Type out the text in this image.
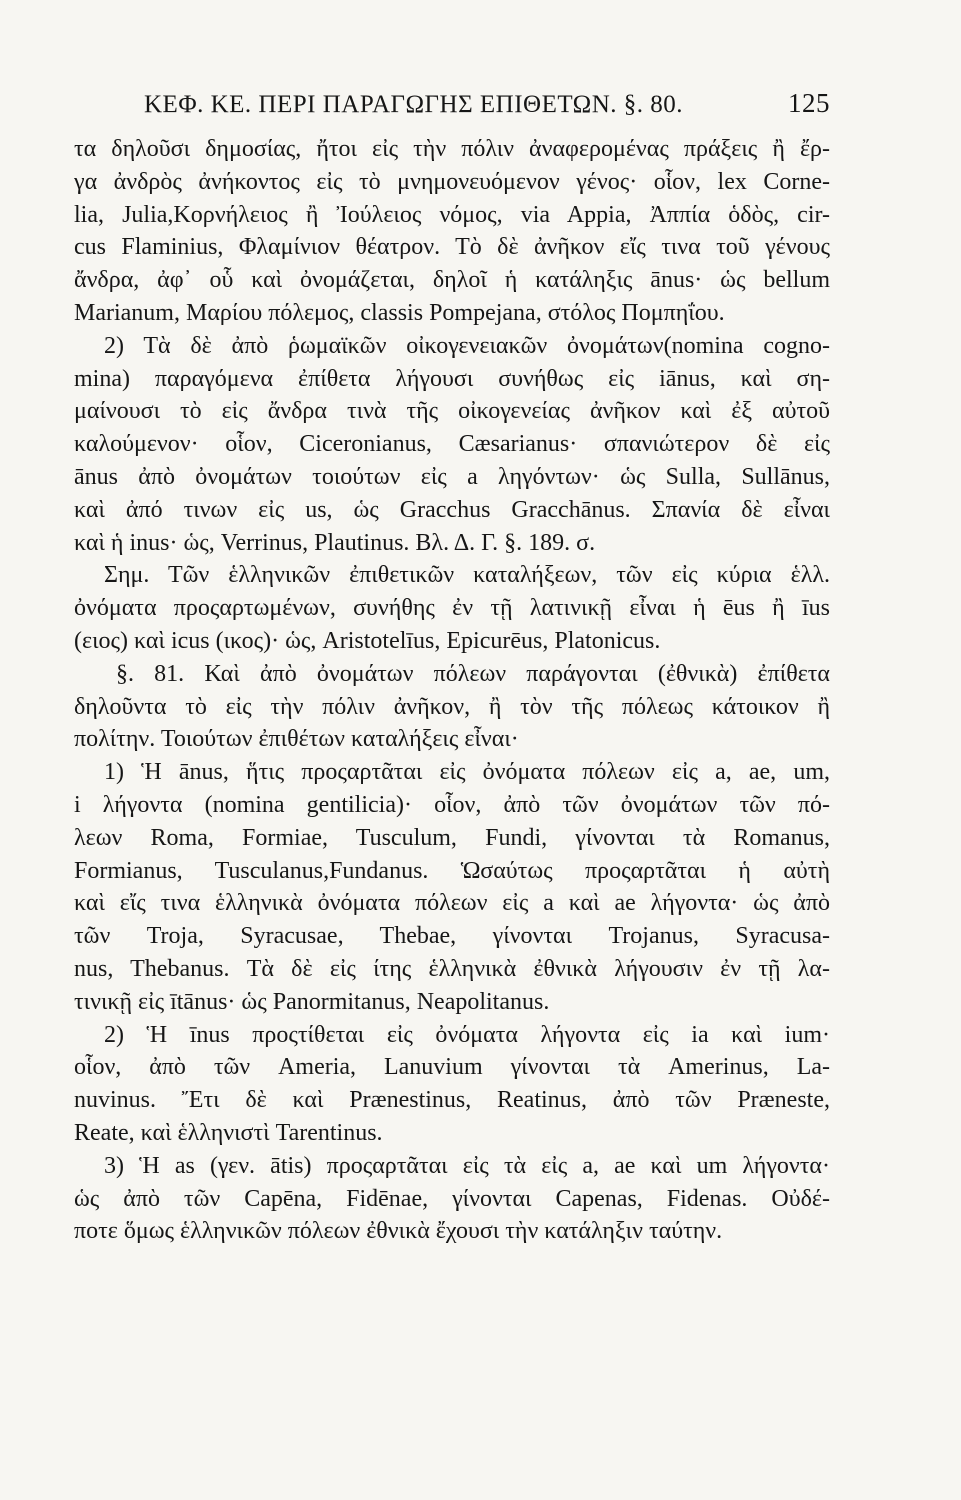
ΚΕΦ. ΚΕ. ΠΕΡΙ ΠΑΡΑΓΩΓΗΣ ΕΠΙΘΕΤΩΝ. §. 80.	125
τα δηλοῦσι δημοσίας, ἤτοι εἰς τὴν πόλιν ἀναφερομένας πράξεις ἢ ἔρ-
γα ἀνδρὸς ἀνήκοντος εἰς τὸ μνημονευόμενον γένος· οἷον, lex Corne-
lia, Julia,Κορνήλειος ἢ Ἰούλειος νόμος, via Appia, Ἀππία ὁδὸς, cir-
cus Flaminius, Φλαμίνιον θέατρον. Τὸ δὲ ἀνῆκον εἴς τινα τοῦ γένους
ἄνδρα, ἀφ᾽ οὗ καὶ ὀνομάζεται, δηλοῖ ἡ κατάληξις ānus· ὡς bellum
Marianum, Μαρίου πόλεμος, classis Pompejana, στόλος Πομπηΐου.
2) Τὰ δὲ ἀπὸ ῥωμαϊκῶν οἰκογενειακῶν ὀνομάτων(nomina cogno-
mina) παραγόμενα ἐπίθετα λήγουσι συνήθως εἰς iānus, καὶ ση-
μαίνουσι τὸ εἰς ἄνδρα τινὰ τῆς οἰκογενείας ἀνῆκον καὶ ἐξ αὐτοῦ
καλούμενον· οἷον, Ciceronianus, Cæsarianus· σπανιώτερον δὲ εἰς
ānus ἀπὸ ὀνομάτων τοιούτων εἰς a ληγόντων· ὡς Sulla, Sullānus,
καὶ ἀπό τινων εἰς us, ὡς Gracchus Gracchānus. Σπανία δὲ εἶναι
καὶ ἡ inus· ὡς, Verrinus, Plautinus. Βλ. Δ. Γ. §. 189. σ.
Σημ. Τῶν ἑλληνικῶν ἐπιθετικῶν καταλήξεων, τῶν εἰς κύρια ἑλλ.
ὀνόματα προςαρτωμένων, συνήθης ἐν τῇ λατινικῇ εἶναι ἡ ēus ἢ īus
(ειος) καὶ icus (ικος)· ὡς, Aristotelīus, Epicurēus, Platonicus.
§. 81. Καὶ ἀπὸ ὀνομάτων πόλεων παράγονται (ἐθνικὰ) ἐπίθετα
δηλοῦντα τὸ εἰς τὴν πόλιν ἀνῆκον, ἢ τὸν τῆς πόλεως κάτοικον ἢ
πολίτην. Τοιούτων ἐπιθέτων καταλήξεις εἶναι·
1) Ἡ ānus, ἥτις προςαρτᾶται εἰς ὀνόματα πόλεων εἰς a, ae, um,
i λήγοντα (nomina gentilicia)· οἷον, ἀπὸ τῶν ὀνομάτων τῶν πό-
λεων Roma, Formiae, Tusculum, Fundi, γίνονται τὰ Romanus,
Formianus, Tusculanus,Fundanus. Ὡσαύτως προςαρτᾶται ἡ αὐτὴ
καὶ εἴς τινα ἑλληνικὰ ὀνόματα πόλεων εἰς a καὶ ae λήγοντα· ὡς ἀπὸ
τῶν Troja, Syracusae, Thebae, γίνονται Trojanus, Syracusa-
nus, Thebanus. Τὰ δὲ εἰς ίτης ἑλληνικὰ ἐθνικὰ λήγουσιν ἐν τῇ λα-
τινικῇ εἰς ītānus· ὡς Panormitanus, Neapolitanus.
2) Ἡ īnus προςτίθεται εἰς ὀνόματα λήγοντα εἰς ia καὶ ium·
οἷον, ἀπὸ τῶν Ameria, Lanuvium γίνονται τὰ Amerinus, La-
nuvinus. Ἔτι δὲ καὶ Prænestinus, Reatinus, ἀπὸ τῶν Præneste,
Reate, καὶ ἑλληνιστὶ Tarentinus.
3) Ἡ as (γεν. ātis) προςαρτᾶται εἰς τὰ εἰς a, ae καὶ um λήγοντα·
ὡς ἀπὸ τῶν Capēna, Fidēnae, γίνονται Capenas, Fidenas. Οὐδέ-
ποτε ὅμως ἑλληνικῶν πόλεων ἐθνικὰ ἔχουσι τὴν κατάληξιν ταύτην.
